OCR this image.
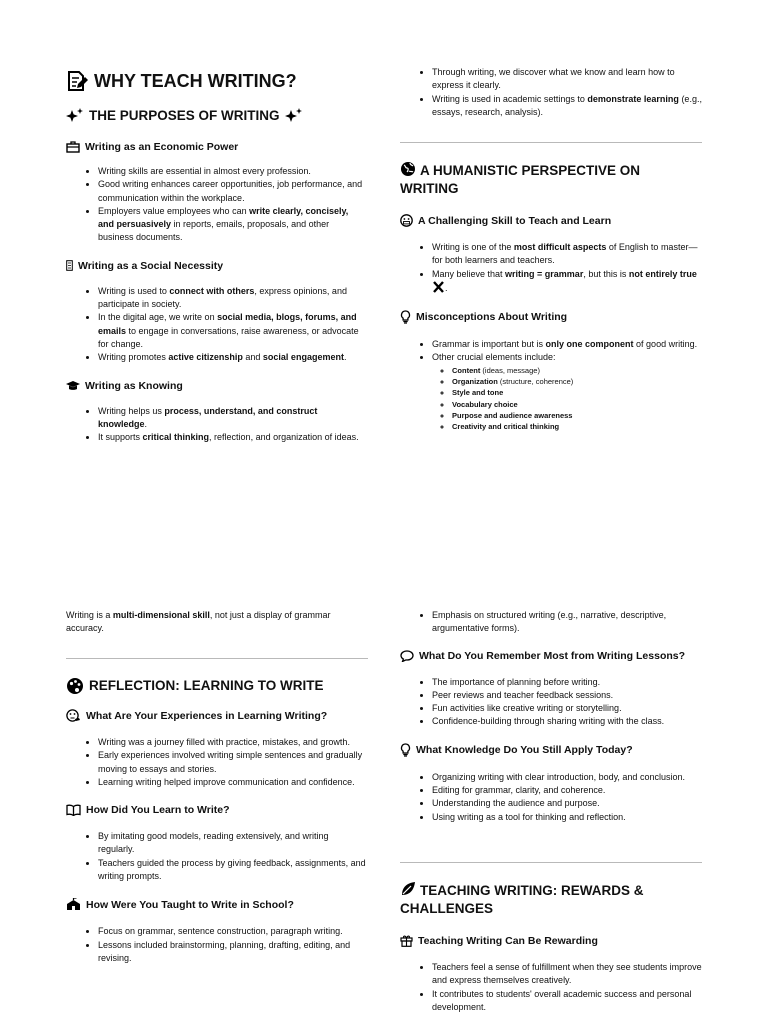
WHY TEACH WRITING?
THE PURPOSES OF WRITING
Writing as an Economic Power
• Writing skills are essential in almost every profession.
• Good writing enhances career opportunities, job performance, and communication within the workplace.
• Employers value employees who can write clearly, concisely, and persuasively in reports, emails, proposals, and other business documents.
Writing as a Social Necessity
• Writing is used to connect with others, express opinions, and participate in society.
• In the digital age, we write on social media, blogs, forums, and emails to engage in conversations, raise awareness, or advocate for change.
• Writing promotes active citizenship and social engagement.
Writing as Knowing
• Writing helps us process, understand, and construct knowledge.
• It supports critical thinking, reflection, and organization of ideas.
• Through writing, we discover what we know and learn how to express it clearly.
• Writing is used in academic settings to demonstrate learning (e.g., essays, research, analysis).
A HUMANISTIC PERSPECTIVE ON WRITING
A Challenging Skill to Teach and Learn
• Writing is one of the most difficult aspects of English to master—for both learners and teachers.
• Many believe that writing = grammar, but this is not entirely true
.
Misconceptions About Writing
• Grammar is important but is only one component of good writing.
• Other crucial elements include:
◦ Content (ideas, message)
◦ Organization (structure, coherence)
◦ Style and tone
◦ Vocabulary choice
◦ Purpose and audience awareness
◦ Creativity and critical thinking

Writing is a multi-dimensional skill, not just a display of grammar accuracy.

REFLECTION: LEARNING TO WRITE
What Are Your Experiences in Learning Writing?
• Writing was a journey filled with practice, mistakes, and growth.
• Early experiences involved writing simple sentences and gradually moving to essays and stories.
• Learning writing helped improve communication and confidence.
How Did You Learn to Write?
• By imitating good models, reading extensively, and writing regularly.
• Teachers guided the process by giving feedback, assignments, and writing prompts.
How Were You Taught to Write in School?
• Focus on grammar, sentence construction, paragraph writing.
• Lessons included brainstorming, planning, drafting, editing, and revising.
• Emphasis on structured writing (e.g., narrative, descriptive, argumentative forms).
What Do You Remember Most from Writing Lessons?
• The importance of planning before writing.
• Peer reviews and teacher feedback sessions.
• Fun activities like creative writing or storytelling.
• Confidence-building through sharing writing with the class.
What Knowledge Do You Still Apply Today?
• Organizing writing with clear introduction, body, and conclusion.
• Editing for grammar, clarity, and coherence.
• Understanding the audience and purpose.
• Using writing as a tool for thinking and reflection.
TEACHING WRITING: REWARDS & CHALLENGES
Teaching Writing Can Be Rewarding
• Teachers feel a sense of fulfillment when they see students improve and express themselves creatively.
• It contributes to students' overall academic success and personal development.
